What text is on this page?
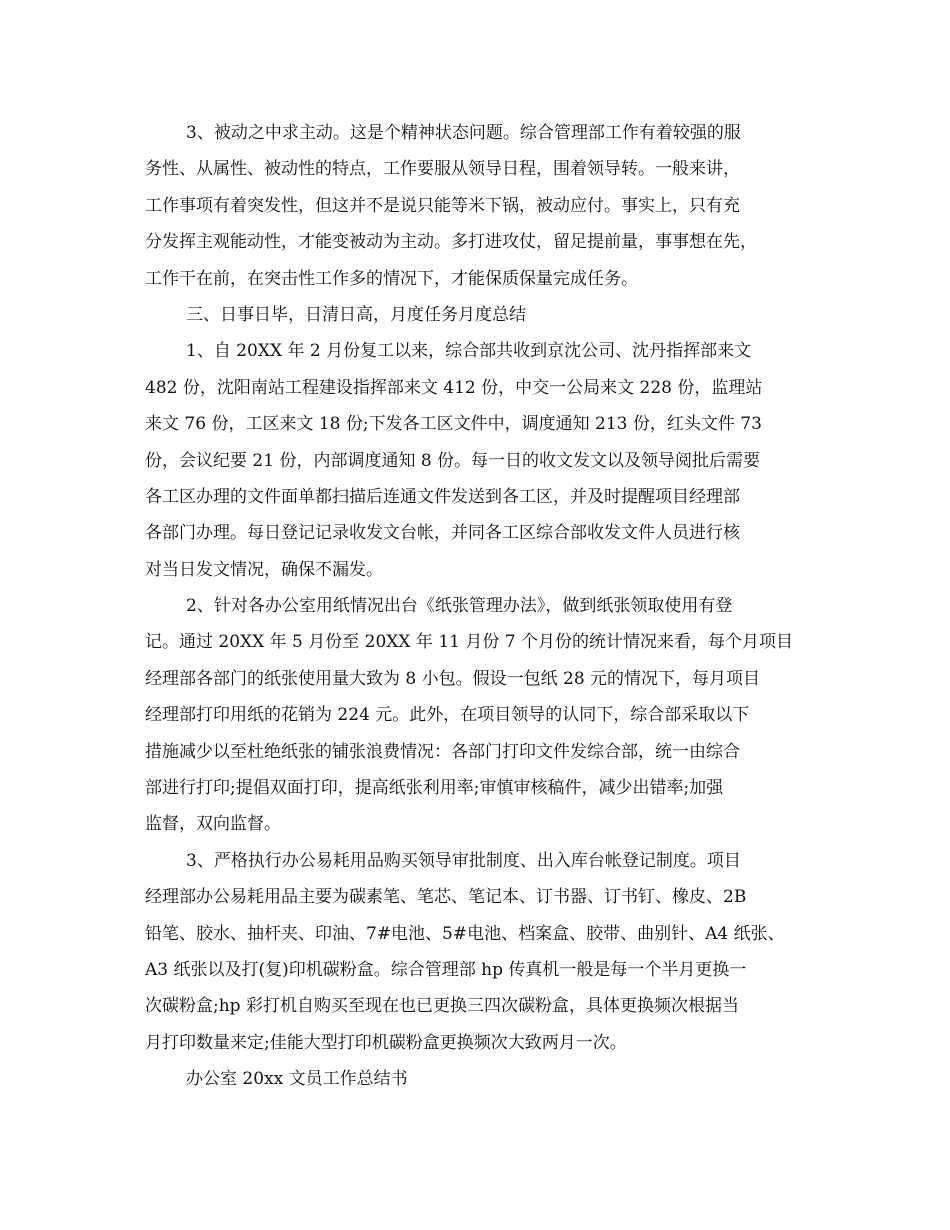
3、被动之中求主动。这是个精神状态问题。综合管理部工作有着较强的服
务性、从属性、被动性的特点，工作要服从领导日程，围着领导转。一般来讲，
工作事项有着突发性，但这并不是说只能等米下锅，被动应付。事实上，只有充
分发挥主观能动性，才能变被动为主动。多打进攻仗，留足提前量，事事想在先，
工作干在前，在突击性工作多的情况下，才能保质保量完成任务。
三、日事日毕，日清日高，月度任务月度总结
1、自 20XX 年 2 月份复工以来，综合部共收到京沈公司、沈丹指挥部来文
482 份，沈阳南站工程建设指挥部来文 412 份，中交一公局来文 228 份，监理站
来文 76 份，工区来文 18 份;下发各工区文件中，调度通知 213 份，红头文件 73
份，会议纪要 21 份，内部调度通知 8 份。每一日的收文发文以及领导阅批后需要
各工区办理的文件面单都扫描后连通文件发送到各工区，并及时提醒项目经理部
各部门办理。每日登记记录收发文台帐，并同各工区综合部收发文件人员进行核
对当日发文情况，确保不漏发。
2、针对各办公室用纸情况出台《纸张管理办法》，做到纸张领取使用有登
记。通过 20XX 年 5 月份至 20XX 年 11 月份 7 个月份的统计情况来看，每个月项目
经理部各部门的纸张使用量大致为 8 小包。假设一包纸 28 元的情况下，每月项目
经理部打印用纸的花销为 224 元。此外，在项目领导的认同下，综合部采取以下
措施减少以至杜绝纸张的铺张浪费情况：各部门打印文件发综合部，统一由综合
部进行打印;提倡双面打印，提高纸张利用率;审慎审核稿件，减少出错率;加强
监督，双向监督。
3、严格执行办公易耗用品购买领导审批制度、出入库台帐登记制度。项目
经理部办公易耗用品主要为碳素笔、笔芯、笔记本、订书器、订书钉、橡皮、2B
铅笔、胶水、抽杆夹、印油、7#电池、5#电池、档案盒、胶带、曲别针、A4 纸张、
A3 纸张以及打(复)印机碳粉盒。综合管理部 hp 传真机一般是每一个半月更换一
次碳粉盒;hp 彩打机自购买至现在也已更换三四次碳粉盒，具体更换频次根据当
月打印数量来定;佳能大型打印机碳粉盒更换频次大致两月一次。
办公室 20xx 文员工作总结书
